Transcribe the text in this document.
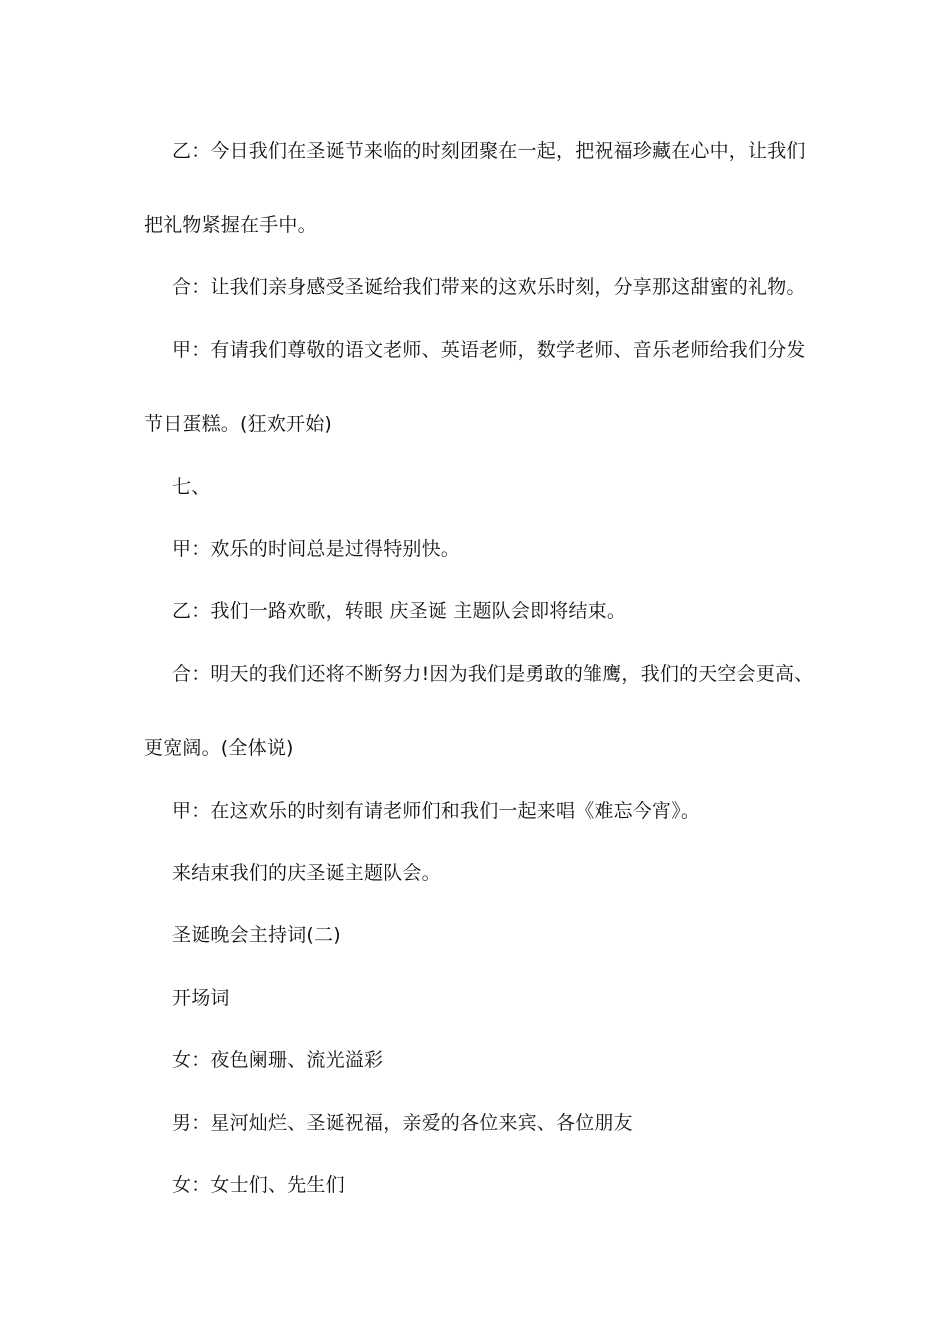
乙：今日我们在圣诞节来临的时刻团聚在一起，把祝福珍藏在心中，让我们
把礼物紧握在手中。
合：让我们亲身感受圣诞给我们带来的这欢乐时刻，分享那这甜蜜的礼物。
甲：有请我们尊敬的语文老师、英语老师，数学老师、音乐老师给我们分发
节日蛋糕。(狂欢开始)
七、
甲：欢乐的时间总是过得特别快。
乙：我们一路欢歌，转眼 庆圣诞 主题队会即将结束。
合：明天的我们还将不断努力!因为我们是勇敢的雏鹰，我们的天空会更高、
更宽阔。(全体说)
甲：在这欢乐的时刻有请老师们和我们一起来唱《难忘今宵》。
来结束我们的庆圣诞主题队会。
圣诞晚会主持词(二)
开场词
女：夜色阑珊、流光溢彩
男：星河灿烂、圣诞祝福，亲爱的各位来宾、各位朋友
女：女士们、先生们
